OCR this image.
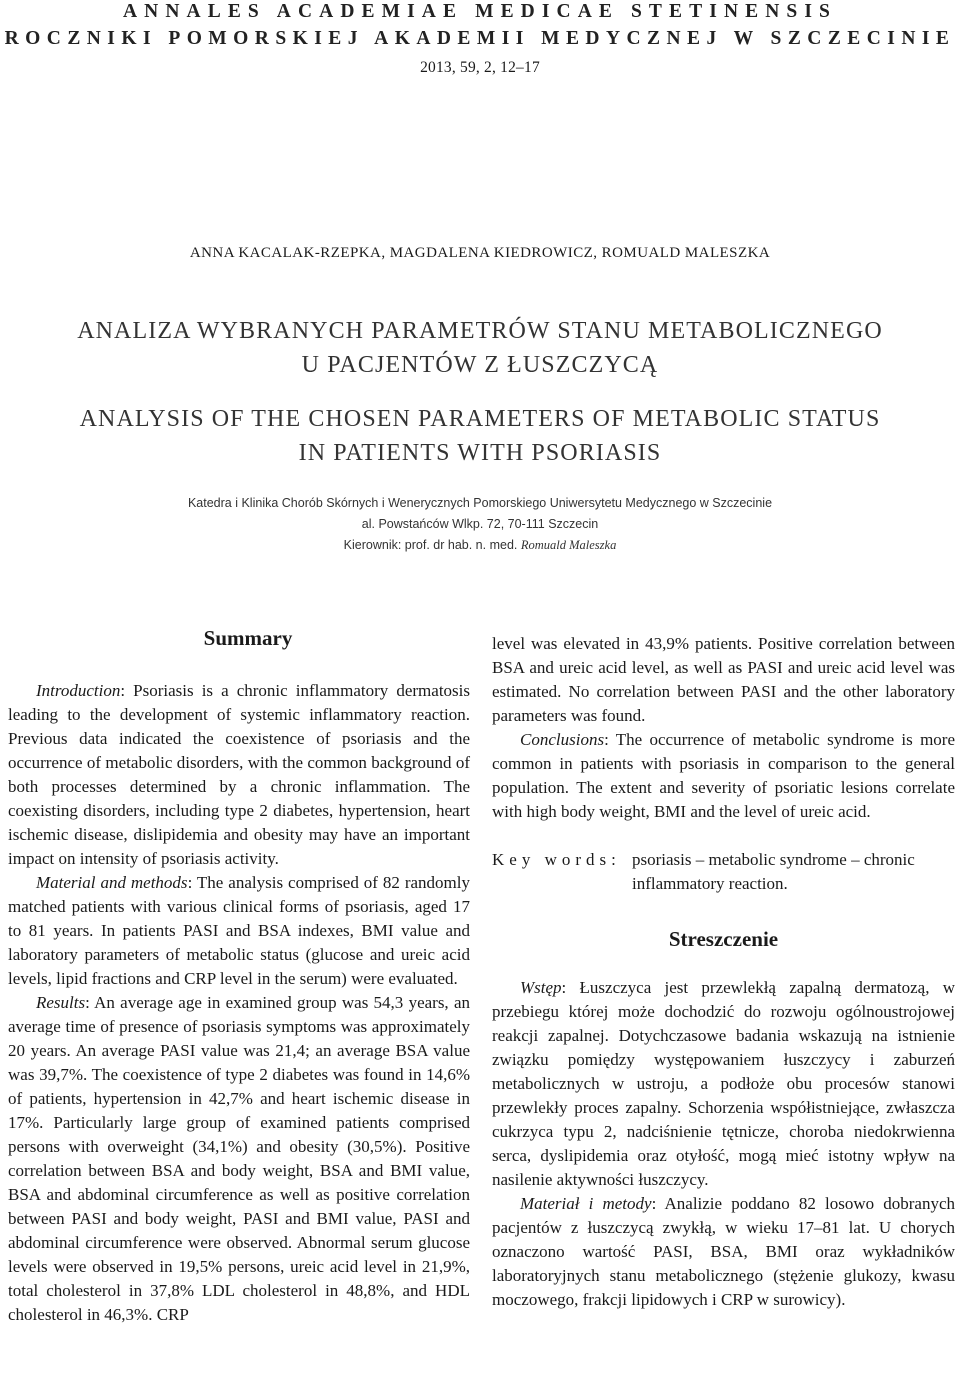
ANNALES ACADEMIAE MEDICAE STETINENSIS
ROCZNIKI POMORSKIEJ AKADEMII MEDYCZNEJ W SZCZECINIE
2013, 59, 2, 12–17
ANNA KACALAK-RZEPKA, MAGDALENA KIEDROWICZ, ROMUALD MALESZKA
ANALIZA WYBRANYCH PARAMETRÓW STANU METABOLICZNEGO
U PACJENTÓW Z ŁUSZCZYCĄ
ANALYSIS OF THE CHOSEN PARAMETERS OF METABOLIC STATUS
IN PATIENTS WITH PSORIASIS
Katedra i Klinika Chorób Skórnych i Wenerycznych Pomorskiego Uniwersytetu Medycznego w Szczecinie
al. Powstańców Wlkp. 72, 70-111 Szczecin
Kierownik: prof. dr hab. n. med. Romuald Maleszka

Summary

Introduction: Psoriasis is a chronic inflammatory dermatosis leading to the development of systemic inflammatory reaction. Previous data indicated the coexistence of psoriasis and the occurrence of metabolic disorders, with the common background of both processes determined by a chronic inflammation. The coexisting disorders, including type 2 diabetes, hypertension, heart ischemic disease, dislipidemia and obesity may have an important impact on intensity of psoriasis activity.

Material and methods: The analysis comprised of 82 randomly matched patients with various clinical forms of psoriasis, aged 17 to 81 years. In patients PASI and BSA indexes, BMI value and laboratory parameters of metabolic status (glucose and ureic acid levels, lipid fractions and CRP level in the serum) were evaluated.

Results: An average age in examined group was 54,3 years, an average time of presence of psoriasis symptoms was approximately 20 years. An average PASI value was 21,4; an average BSA value was 39,7%. The coexistence of type 2 diabetes was found in 14,6% of patients, hypertension in 42,7% and heart ischemic disease in 17%. Particularly large group of examined patients comprised persons with overweight (34,1%) and obesity (30,5%). Positive correlation between BSA and body weight, BSA and BMI value, BSA and abdominal circumference as well as positive correlation between PASI and body weight, PASI and BMI value, PASI and abdominal circumference were observed. Abnormal serum glucose levels were observed in 19,5% persons, ureic acid level in 21,9%, total cholesterol in 37,8% LDL cholesterol in 48,8%, and HDL cholesterol in 46,3%. CRP

level was elevated in 43,9% patients. Positive correlation between BSA and ureic acid level, as well as PASI and ureic acid level was estimated. No correlation between PASI and the other laboratory parameters was found.

Conclusions: The occurrence of metabolic syndrome is more common in patients with psoriasis in comparison to the general population. The extent and severity of psoriatic lesions correlate with high body weight, BMI and the level of ureic acid.

Key words: psoriasis – metabolic syndrome – chronic inflammatory reaction.

Streszczenie

Wstęp: Łuszczyca jest przewlekłą zapalną dermatozą, w przebiegu której może dochodzić do rozwoju ogólnoustrojowej reakcji zapalnej. Dotychczasowe badania wskazują na istnienie związku pomiędzy występowaniem łuszczycy i zaburzeń metabolicznych w ustroju, a podłoże obu procesów stanowi przewlekły proces zapalny. Schorzenia współistniejące, zwłaszcza cukrzyca typu 2, nadciśnienie tętnicze, choroba niedokrwienna serca, dyslipidemia oraz otyłość, mogą mieć istotny wpływ na nasilenie aktywności łuszczycy.

Materiał i metody: Analizie poddano 82 losowo dobranych pacjentów z łuszczycą zwykłą, w wieku 17–81 lat. U chorych oznaczono wartość PASI, BSA, BMI oraz wykładników laboratoryjnych stanu metabolicznego (stężenie glukozy, kwasu moczowego, frakcji lipidowych i CRP w surowicy).
